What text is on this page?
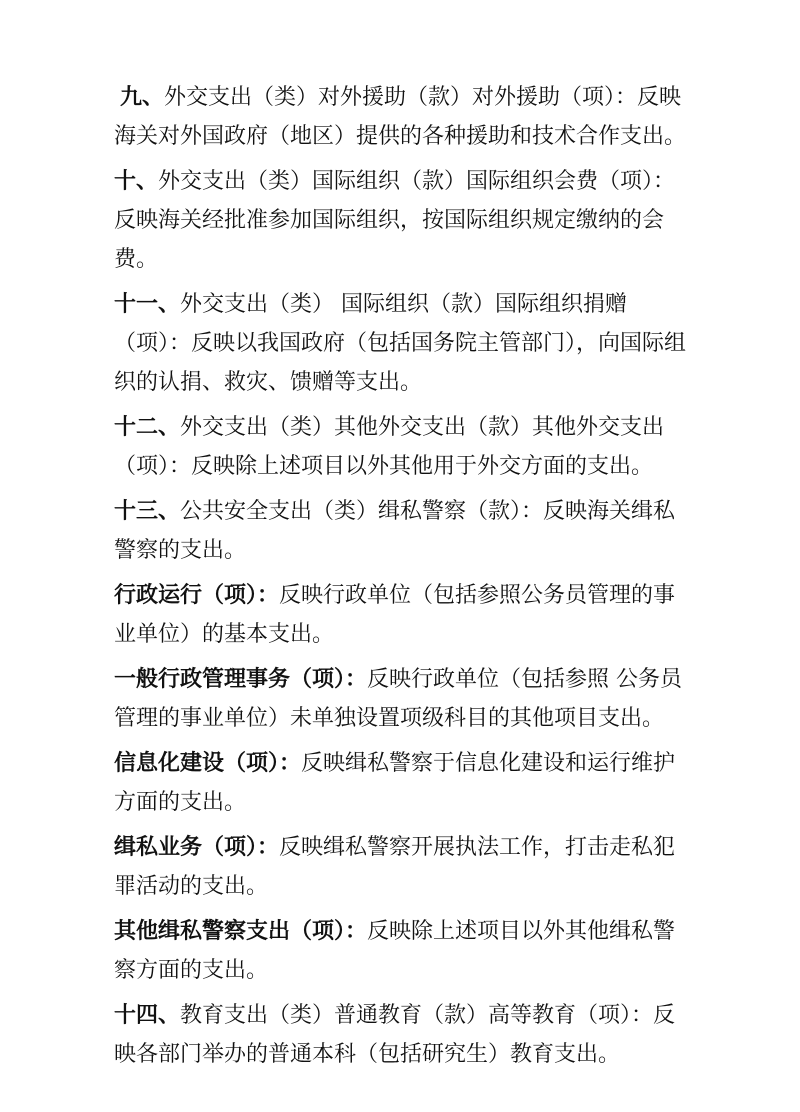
九、外交支出（类）对外援助（款）对外援助（项）：反映海关对外国政府（地区）提供的各种援助和技术合作支出。

十、外交支出（类）国际组织（款）国际组织会费（项）：反映海关经批准参加国际组织，按国际组织规定缴纳的会费。

十一、外交支出（类） 国际组织（款）国际组织捐赠（项）：反映以我国政府（包括国务院主管部门），向国际组织的认捐、救灾、馈赠等支出。

十二、外交支出（类）其他外交支出（款）其他外交支出（项）：反映除上述项目以外其他用于外交方面的支出。

十三、公共安全支出（类）缉私警察（款）：反映海关缉私警察的支出。

行政运行（项）：反映行政单位（包括参照公务员管理的事业单位）的基本支出。

一般行政管理事务（项）：反映行政单位（包括参照 公务员管理的事业单位）未单独设置项级科目的其他项目支出。

信息化建设（项）：反映缉私警察于信息化建设和运行维护方面的支出。

缉私业务（项）：反映缉私警察开展执法工作，打击走私犯罪活动的支出。

其他缉私警察支出（项）：反映除上述项目以外其他缉私警察方面的支出。

十四、教育支出（类）普通教育（款）高等教育（项）：反映各部门举办的普通本科（包括研究生）教育支出。
